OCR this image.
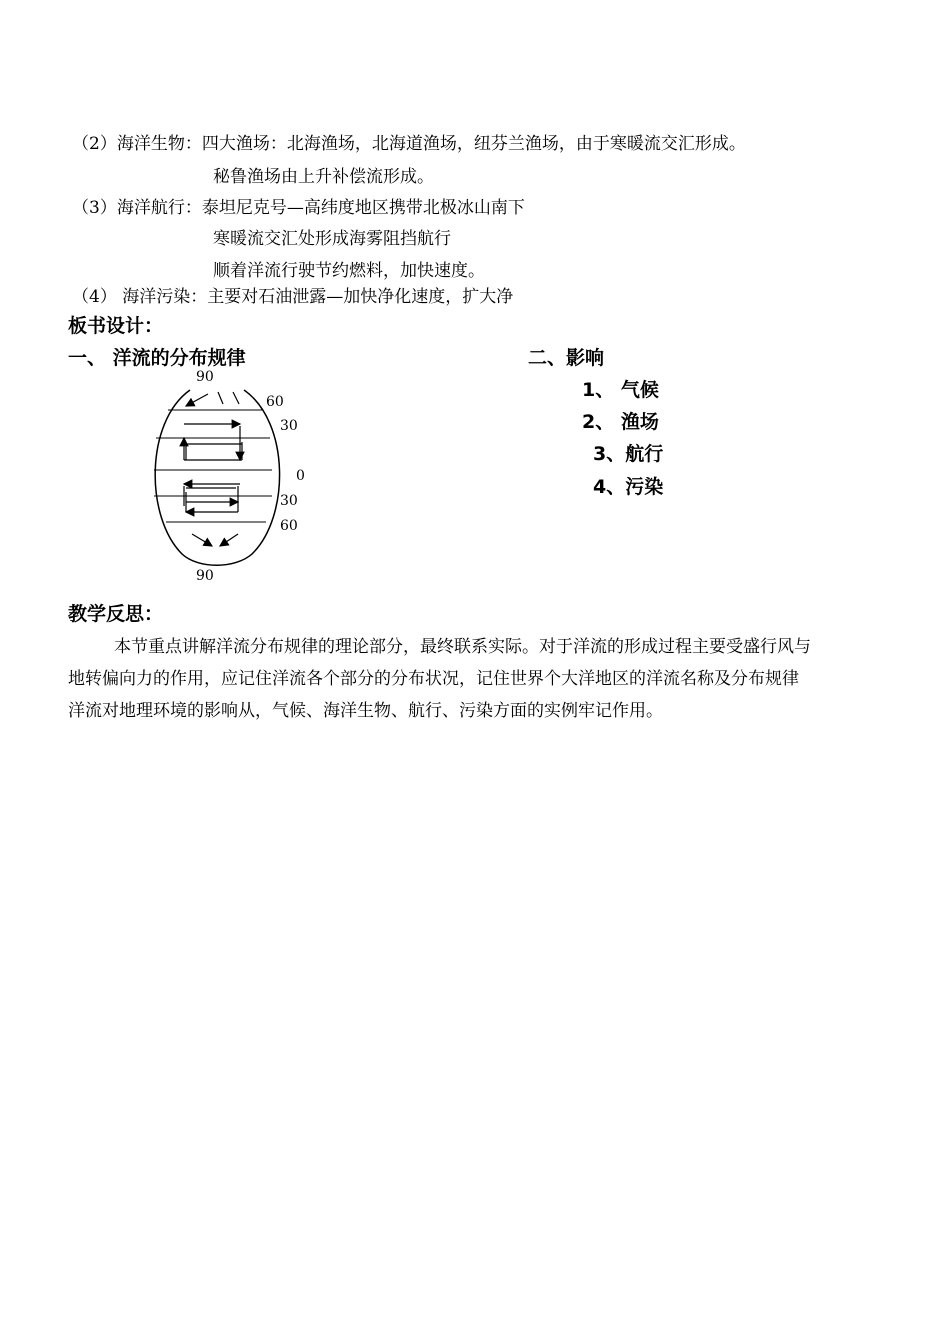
（2）海洋生物：四大渔场：北海渔场，北海道渔场，纽芬兰渔场，由于寒暖流交汇形成。
秘鲁渔场由上升补偿流形成。
（3）海洋航行：泰坦尼克号—高纬度地区携带北极冰山南下
寒暖流交汇处形成海雾阻挡航行
顺着洋流行驶节约燃料，加快速度。
（4） 海洋污染：主要对石油泄露—加快净化速度，扩大净
板书设计：
一、 洋流的分布规律	二、影响
1、 气候
2、 渔场
3、航行
4、污染
90
60
30
0
30
60
90
教学反思：

本节重点讲解洋流分布规律的理论部分，最终联系实际。对于洋流的形成过程主要受盛行风与

地转偏向力的作用，应记住洋流各个部分的分布状况，记住世界个大洋地区的洋流名称及分布规律

洋流对地理环境的影响从，气候、海洋生物、航行、污染方面的实例牢记作用。
